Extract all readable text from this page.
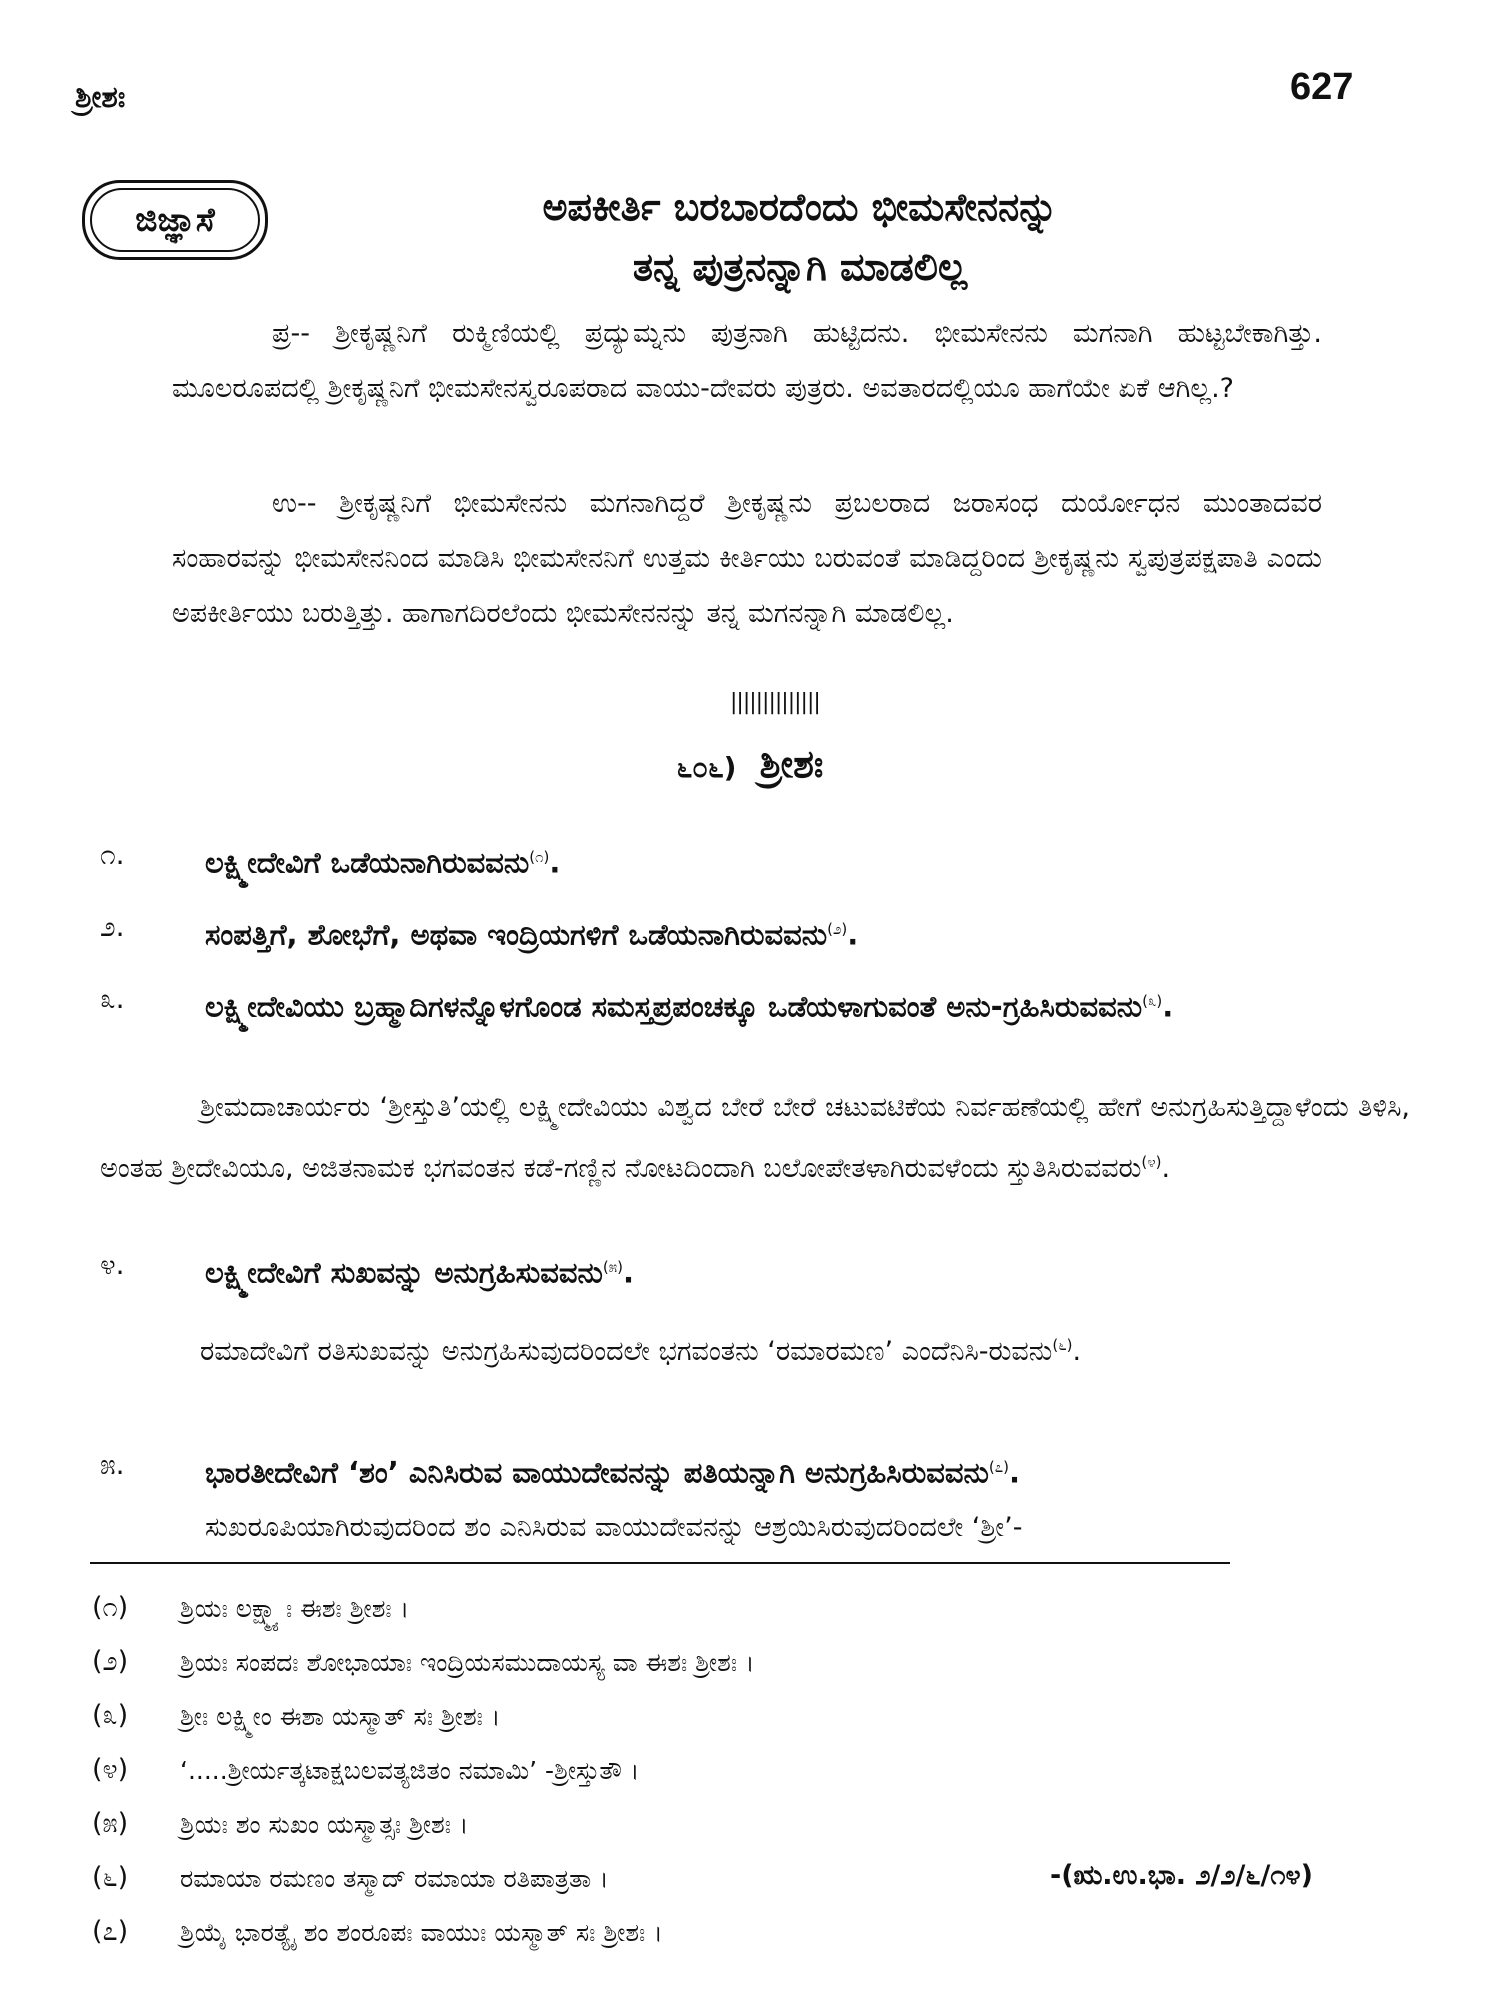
ಶ್ರೀಶಃ	627
ಜಿಜ್ಞಾಸೆ	ಅಪಕೀರ್ತಿ ಬರಬಾರದೆಂದು ಭೀಮಸೇನನನ್ನು
ತನ್ನ ಪುತ್ರನನ್ನಾಗಿ ಮಾಡಲಿಲ್ಲ
ಪ್ರ-- ಶ್ರೀಕೃಷ್ಣನಿಗೆ ರುಕ್ಮಿಣಿಯಲ್ಲಿ ಪ್ರದ್ಯುಮ್ನನು ಪುತ್ರನಾಗಿ ಹುಟ್ಟಿದನು. ಭೀಮಸೇನನು ಮಗನಾಗಿ ಹುಟ್ಟಬೇಕಾಗಿತ್ತು. ಮೂಲರೂಪದಲ್ಲಿ ಶ್ರೀಕೃಷ್ಣನಿಗೆ ಭೀಮಸೇನಸ್ವರೂಪರಾದ ವಾಯು-ದೇವರು ಪುತ್ರರು. ಅವತಾರದಲ್ಲಿಯೂ ಹಾಗೆಯೇ ಏಕೆ ಆಗಿಲ್ಲ.?
ಉ-- ಶ್ರೀಕೃಷ್ಣನಿಗೆ ಭೀಮಸೇನನು ಮಗನಾಗಿದ್ದರೆ ಶ್ರೀಕೃಷ್ಣನು ಪ್ರಬಲರಾದ ಜರಾಸಂಧ ದುರ್ಯೋಧನ ಮುಂತಾದವರ ಸಂಹಾರವನ್ನು ಭೀಮಸೇನನಿಂದ ಮಾಡಿಸಿ ಭೀಮಸೇನನಿಗೆ ಉತ್ತಮ ಕೀರ್ತಿಯು ಬರುವಂತೆ ಮಾಡಿದ್ದರಿಂದ ಶ್ರೀಕೃಷ್ಣನು ಸ್ವಪುತ್ರಪಕ್ಷಪಾತಿ ಎಂದು ಅಪಕೀರ್ತಿಯು ಬರುತ್ತಿತ್ತು. ಹಾಗಾಗದಿರಲೆಂದು ಭೀಮಸೇನನನ್ನು ತನ್ನ ಮಗನನ್ನಾಗಿ ಮಾಡಲಿಲ್ಲ.
||||||||||||||
೬೦೬) ಶ್ರೀಶಃ
೧.	ಲಕ್ಷ್ಮೀದೇವಿಗೆ ಒಡೆಯನಾಗಿರುವವನು$^{(೧)}$.
೨.	ಸಂಪತ್ತಿಗೆ, ಶೋಭೆಗೆ, ಅಥವಾ ಇಂದ್ರಿಯಗಳಿಗೆ ಒಡೆಯನಾಗಿರುವವನು$^{(೨)}$.
೩.	ಲಕ್ಷ್ಮೀದೇವಿಯು ಬ್ರಹ್ಮಾದಿಗಳನ್ನೊಳಗೊಂಡ ಸಮಸ್ತಪ್ರಪಂಚಕ್ಕೂ ಒಡೆಯಳಾಗುವಂತೆ ಅನು-ಗ್ರಹಿಸಿರುವವನು$^{(೩)}$.
ಶ್ರೀಮದಾಚಾರ್ಯರು ‘ಶ್ರೀಸ್ತುತಿ’ಯಲ್ಲಿ ಲಕ್ಷ್ಮೀದೇವಿಯು ವಿಶ್ವದ ಬೇರೆ ಬೇರೆ ಚಟುವಟಿಕೆಯ ನಿರ್ವಹಣೆಯಲ್ಲಿ ಹೇಗೆ ಅನುಗ್ರಹಿಸುತ್ತಿದ್ದಾಳೆಂದು ತಿಳಿಸಿ, ಅಂತಹ ಶ್ರೀದೇವಿಯೂ, ಅಜಿತನಾಮಕ ಭಗವಂತನ ಕಡೆ-ಗಣ್ಣಿನ ನೋಟದಿಂದಾಗಿ ಬಲೋಪೇತಳಾಗಿರುವಳೆಂದು ಸ್ತುತಿಸಿರುವವರು$^{(೪)}$.
೪.	ಲಕ್ಷ್ಮೀದೇವಿಗೆ ಸುಖವನ್ನು ಅನುಗ್ರಹಿಸುವವನು$^{(೫)}$.
ರಮಾದೇವಿಗೆ ರತಿಸುಖವನ್ನು ಅನುಗ್ರಹಿಸುವುದರಿಂದಲೇ ಭಗವಂತನು ‘ರಮಾರಮಣ’ ಎಂದೆನಿಸಿ-ರುವನು$^{(೬)}$.
೫.	ಭಾರತೀದೇವಿಗೆ ‘ಶಂ’ ಎನಿಸಿರುವ ವಾಯುದೇವನನ್ನು ಪತಿಯನ್ನಾಗಿ ಅನುಗ್ರಹಿಸಿರುವವನು$^{(೭)}$.
ಸುಖರೂಪಿಯಾಗಿರುವುದರಿಂದ ಶಂ ಎನಿಸಿರುವ ವಾಯುದೇವನನ್ನು ಆಶ್ರಯಿಸಿರುವುದರಿಂದಲೇ ‘ಶ್ರೀ’-
(೧) ಶ್ರಿಯಃ ಲಕ್ಷ್ಮ್ಯಾಃ ಈಶಃ ಶ್ರೀಶಃ ।
(೨) ಶ್ರಿಯಃ ಸಂಪದಃ ಶೋಭಾಯಾಃ ಇಂದ್ರಿಯಸಮುದಾಯಸ್ಯ ವಾ ಈಶಃ ಶ್ರೀಶಃ ।
(೩) ಶ್ರೀಃ ಲಕ್ಷ್ಮೀಂ ಈಶಾ ಯಸ್ಮಾತ್ ಸಃ ಶ್ರೀಶಃ ।
(೪) ‘.....ಶ್ರೀರ್ಯತ್ಕಟಾಕ್ಷಬಲವತ್ಯಜಿತಂ ನಮಾಮಿ’ -ಶ್ರೀಸ್ತುತೌ ।
(೫) ಶ್ರಿಯಃ ಶಂ ಸುಖಂ ಯಸ್ಮಾತ್ಸಃ ಶ್ರೀಶಃ ।
(೬) ರಮಾಯಾ ರಮಣಂ ತಸ್ಮಾದ್ ರಮಾಯಾ ರತಿಪಾತ್ರತಾ ।	-(ಋ.ಉ.ಭಾ. ೨/೨/೬/೧೪)
(೭) ಶ್ರಿಯೈ ಭಾರತ್ಯೈ ಶಂ ಶಂರೂಪಃ ವಾಯುಃ ಯಸ್ಮಾತ್ ಸಃ ಶ್ರೀಶಃ ।
